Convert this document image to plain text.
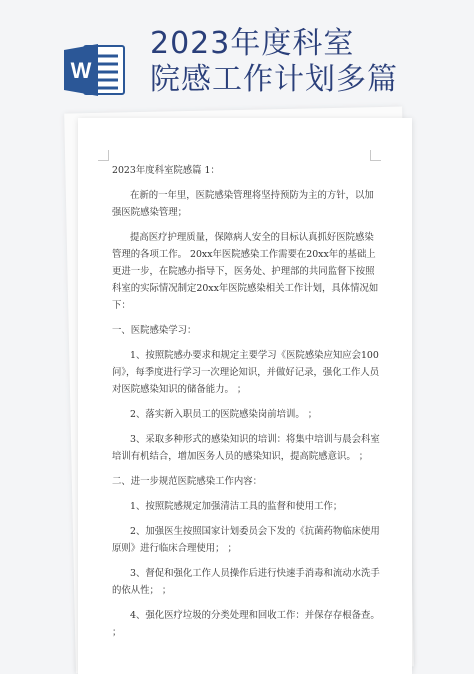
W
2023年度科室
院感工作计划多篇

2023年度科室院感篇 1：

在新的一年里，医院感染管理将坚持预防为主的方针，以加强医院感染管理；

提高医疗护理质量，保障病人安全的目标认真抓好医院感染管理的各项工作。 20xx年医院感染工作需要在20xx年的基础上更进一步，在院感办指导下，医务处、护理部的共同监督下按照科室的实际情况制定20xx年医院感染相关工作计划，具体情况如下：

一、医院感染学习：

1、按照院感办要求和规定主要学习《医院感染应知应会100问》，每季度进行学习一次理论知识，并做好记录，强化工作人员对医院感染知识的储备能力。 ；

2、落实新入职员工的医院感染岗前培训。 ；

3、采取多种形式的感染知识的培训：将集中培训与晨会科室培训有机结合，增加医务人员的感染知识，提高院感意识。 ；

二、进一步规范医院感染工作内容：

1、按照院感规定加强清洁工具的监督和使用工作；

2、加强医生按照国家计划委员会下发的《抗菌药物临床使用原则》进行临床合理使用； ；

3、督促和强化工作人员操作后进行快速手消毒和流动水洗手的依从性； ；

4、强化医疗垃圾的分类处理和回收工作：并保存存根备查。 ；
